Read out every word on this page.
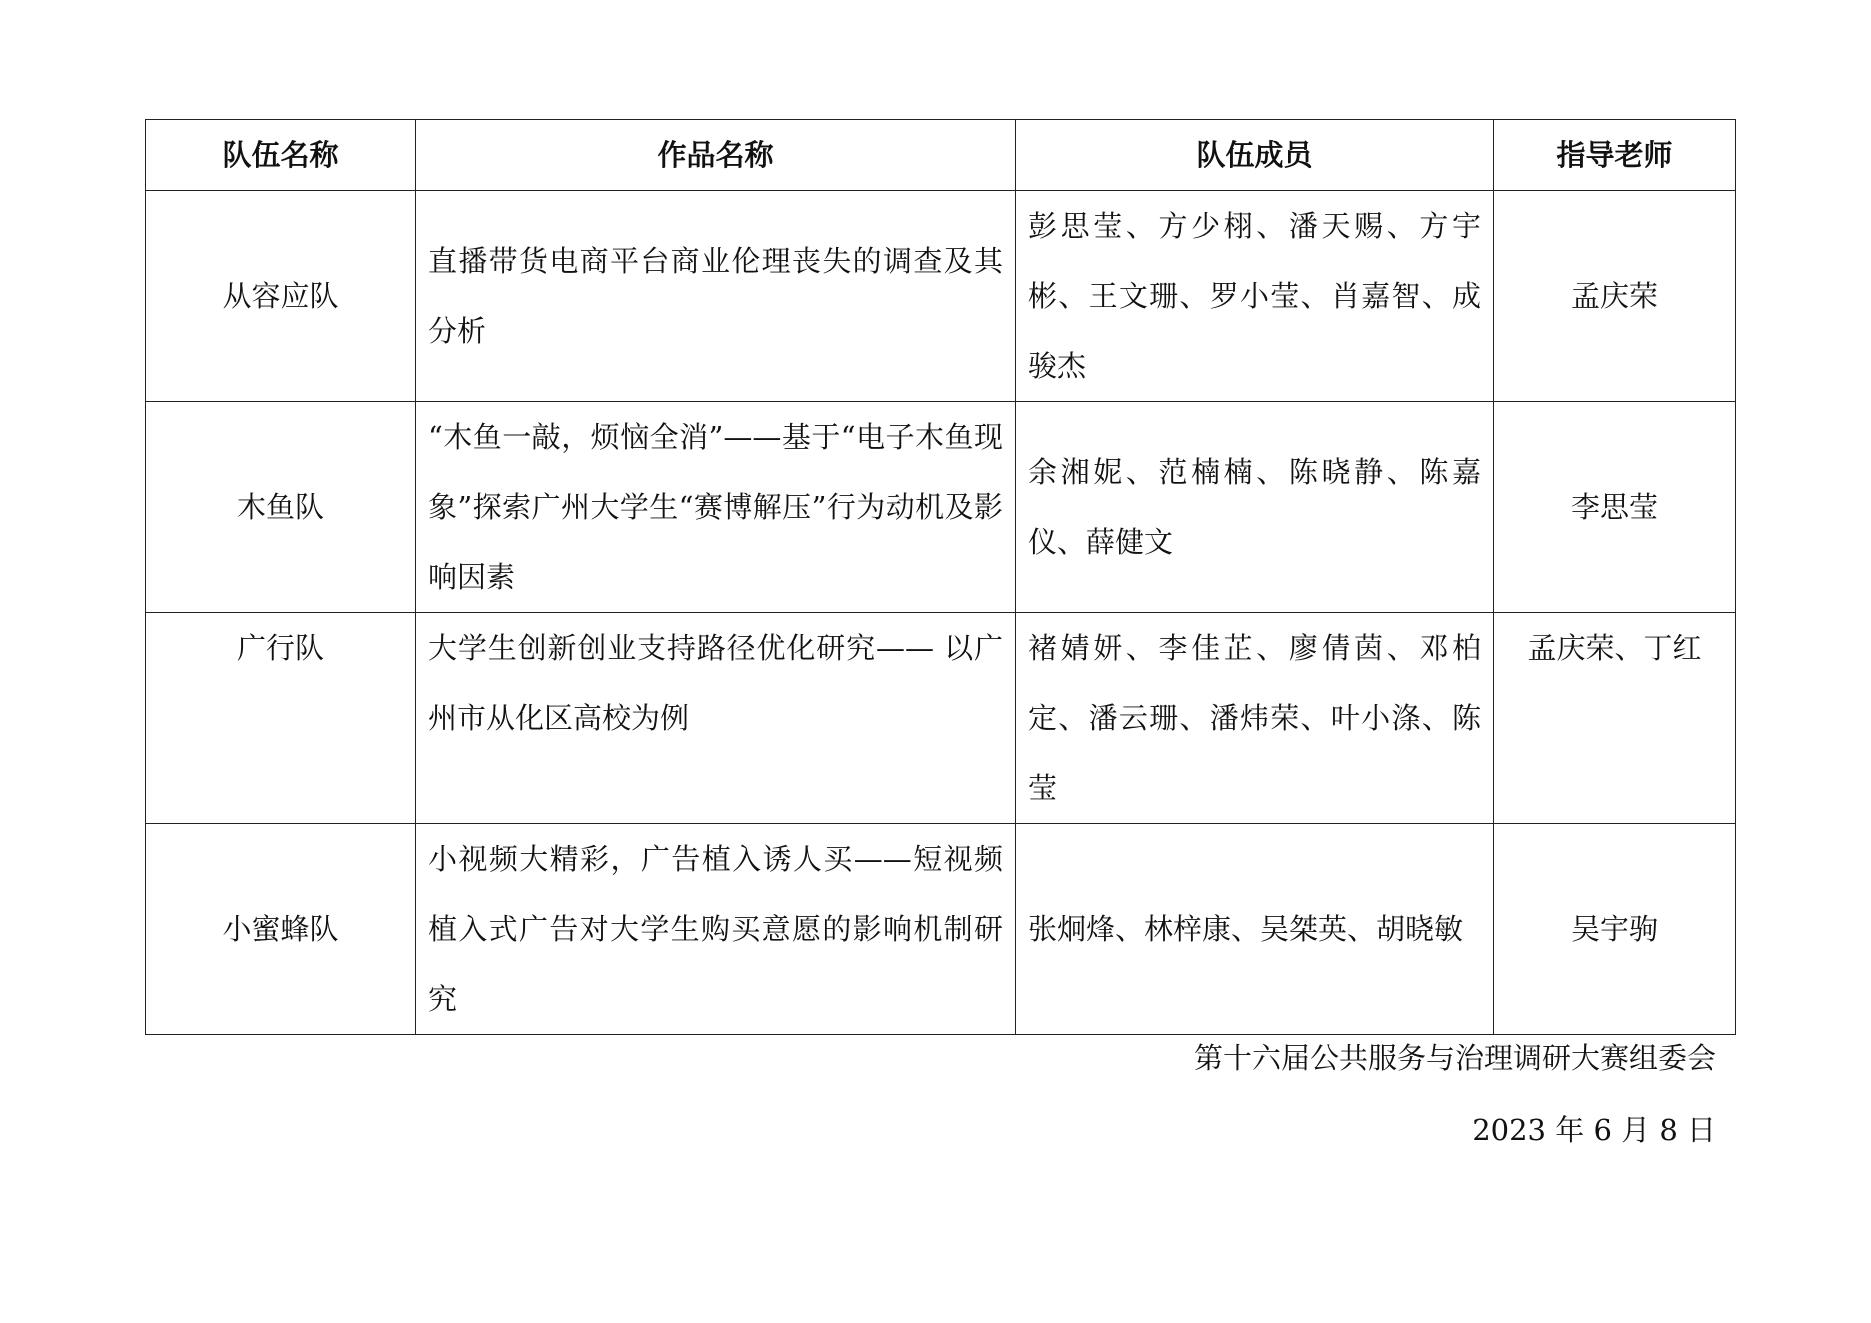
队伍名称	作品名称	队伍成员	指导老师
从容应队	直播带货电商平台商业伦理丧失的调查及其分析	彭思莹、方少栩、潘天赐、方宇彬、王文珊、罗小莹、肖嘉智、成骏杰	孟庆荣
木鱼队	“木鱼一敲，烦恼全消”——基于“电子木鱼现象”探索广州大学生“赛博解压”行为动机及影响因素	余湘妮、范楠楠、陈晓静、陈嘉仪、薛健文	李思莹
广行队	大学生创新创业支持路径优化研究—— 以广州市从化区高校为例	褚婧妍、李佳芷、廖倩茵、邓柏定、潘云珊、潘炜荣、叶小涤、陈莹	孟庆荣、丁红
小蜜蜂队	小视频大精彩，广告植入诱人买——短视频植入式广告对大学生购买意愿的影响机制研究	张炯烽、林梓康、吴桀英、胡晓敏	吴宇驹
第十六届公共服务与治理调研大赛组委会
2023 年 6 月 8 日
